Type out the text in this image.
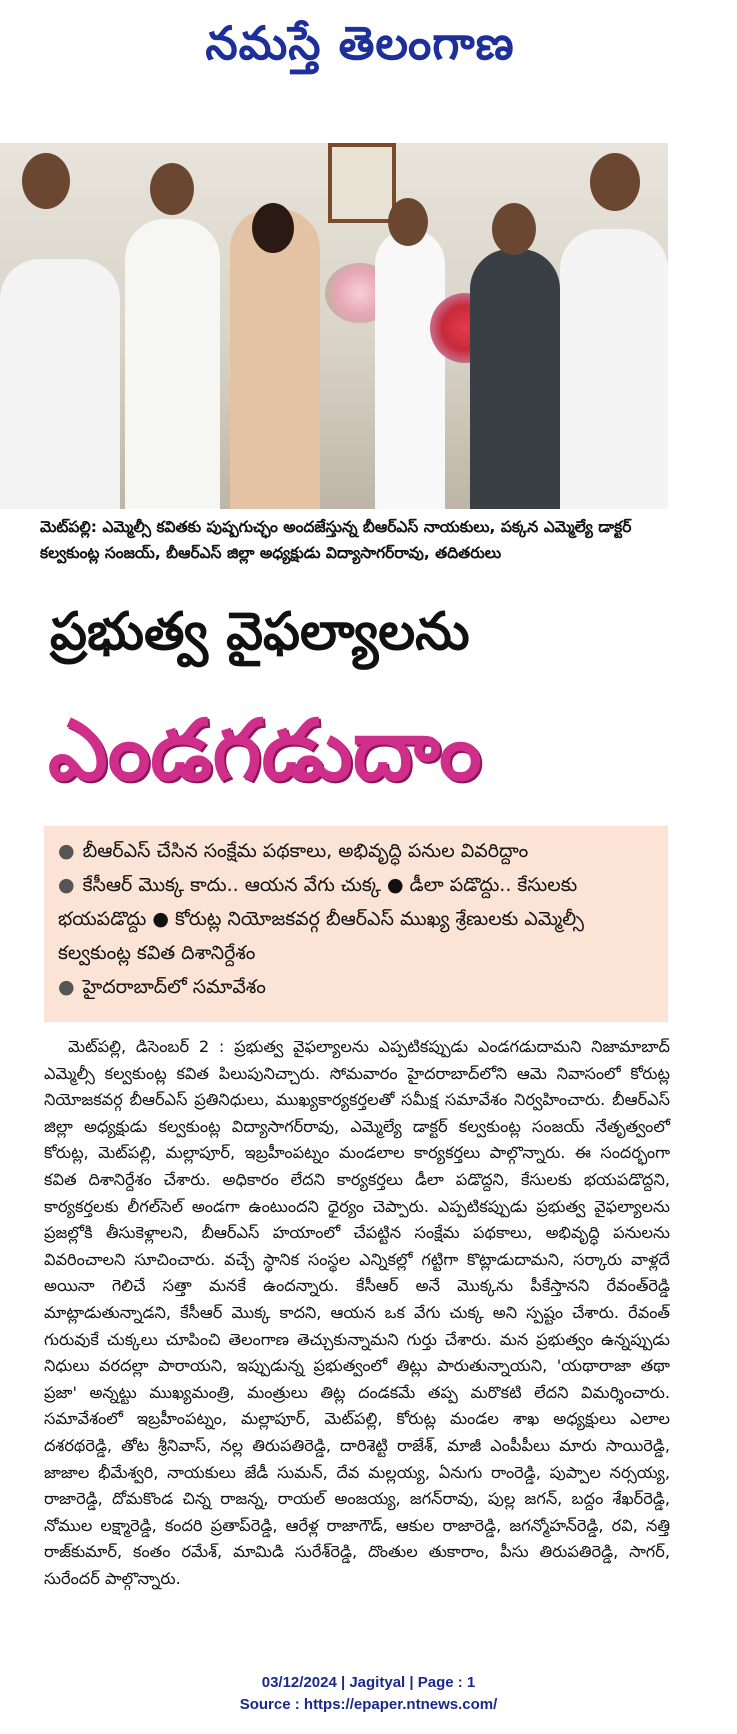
నమస్తే తెలంగాణ
మెట్‌పల్లి: ఎమ్మెల్సీ కవితకు పుష్పగుచ్ఛం అందజేస్తున్న బీఆర్‌ఎస్ నాయకులు, పక్కన ఎమ్మెల్యే డాక్టర్ కల్వకుంట్ల సంజయ్, బీఆర్‌ఎస్ జిల్లా అధ్యక్షుడు విద్యాసాగర్‌రావు, తదితరులు
ప్రభుత్వ వైఫల్యాలను
ఎండగడుదాం
● బీఆర్‌ఎస్ చేసిన సంక్షేమ పథకాలు, అభివృద్ధి పనుల వివరిద్దాం
● కేసీఆర్ మొక్క కాదు.. ఆయన వేగు చుక్క ● డీలా పడొద్దు.. కేసులకు భయపడొద్దు ● కోరుట్ల నియోజకవర్గ బీఆర్‌ఎస్ ముఖ్య శ్రేణులకు ఎమ్మెల్సీ కల్వకుంట్ల కవిత దిశానిర్దేశం
● హైదరాబాద్‌లో సమావేశం
మెట్‌పల్లి, డిసెంబర్ 2 : ప్రభుత్వ వైఫల్యాలను ఎప్పటికప్పుడు ఎండగడుదామని నిజామాబాద్ ఎమ్మెల్సీ కల్వకుంట్ల కవిత పిలుపునిచ్చారు. సోమవారం హైదరాబాద్‌లోని ఆమె నివాసంలో కోరుట్ల నియోజకవర్గ బీఆర్‌ఎస్ ప్రతినిధులు, ముఖ్యకార్యకర్తలతో సమీక్ష సమావేశం నిర్వహించారు. బీఆర్‌ఎస్ జిల్లా అధ్యక్షుడు కల్వకుంట్ల విద్యాసాగర్‌రావు, ఎమ్మెల్యే డాక్టర్ కల్వకుంట్ల సంజయ్ నేతృత్వంలో కోరుట్ల, మెట్‌పల్లి, మల్లాపూర్, ఇబ్రహీంపట్నం మండలాల కార్యకర్తలు పాల్గొన్నారు. ఈ సందర్భంగా కవిత దిశానిర్దేశం చేశారు. అధికారం లేదని కార్యకర్తలు డీలా పడొద్దని, కేసులకు భయపడొద్దని, కార్యకర్తలకు లీగల్‌సెల్ అండగా ఉంటుందని ధైర్యం చెప్పారు. ఎప్పటికప్పుడు ప్రభుత్వ వైఫల్యాలను ప్రజల్లోకి తీసుకెళ్లాలని, బీఆర్‌ఎస్ హయాంలో చేపట్టిన సంక్షేమ పథకాలు, అభివృద్ధి పనులను వివరించాలని సూచించారు. వచ్చే స్థానిక సంస్థల ఎన్నికల్లో గట్టిగా కొట్లాడుదామని, సర్కారు వాళ్లదే అయినా గెలిచే సత్తా మనకే ఉందన్నారు. కేసీఆర్ అనే మొక్కను పీకేస్తానని రేవంత్‌రెడ్డి మాట్లాడుతున్నాడని, కేసీఆర్ మొక్క కాదని, ఆయన ఒక వేగు చుక్క అని స్పష్టం చేశారు. రేవంత్ గురువుకే చుక్కలు చూపించి తెలంగాణ తెచ్చుకున్నామని గుర్తు చేశారు. మన ప్రభుత్వం ఉన్నప్పుడు నిధులు వరదల్లా పారాయని, ఇప్పుడున్న ప్రభుత్వంలో తిట్లు పారుతున్నాయని, 'యథారాజా తథా ప్రజా' అన్నట్టు ముఖ్యమంత్రి, మంత్రులు తిట్ల దండకమే తప్ప మరొకటి లేదని విమర్శించారు. సమావేశంలో ఇబ్రహీంపట్నం, మల్లాపూర్, మెట్‌పల్లి, కోరుట్ల మండల శాఖ అధ్యక్షులు ఎలాల దశరథరెడ్డి, తోట శ్రీనివాస్, నల్ల తిరుపతిరెడ్డి, దారిశెట్టి రాజేశ్, మాజీ ఎంపీపీలు మారు సాయిరెడ్డి, జాజాల భీమేశ్వరి, నాయకులు జేడీ సుమన్, దేవ మల్లయ్య, ఏనుగు రాంరెడ్డి, పుప్పాల నర్సయ్య, రాజారెడ్డి, దోమకొండ చిన్న రాజన్న, రాయల్ అంజయ్య, జగన్‌రావు, పుల్ల జగన్, బద్దం శేఖర్‌రెడ్డి, నోముల లక్ష్మారెడ్డి, కందరి ప్రతాప్‌రెడ్డి, ఆరేళ్ల రాజాగౌడ్, ఆకుల రాజారెడ్డి, జగన్మోహన్‌రెడ్డి, రవి, నత్తి రాజ్‌కుమార్, కంతం రమేశ్, మామిడి సురేశ్‌రెడ్డి, దొంతుల తుకారాం, పీసు తిరుపతిరెడ్డి, సాగర్, సురేందర్ పాల్గొన్నారు.
03/12/2024 | Jagityal | Page : 1
Source : https://epaper.ntnews.com/
